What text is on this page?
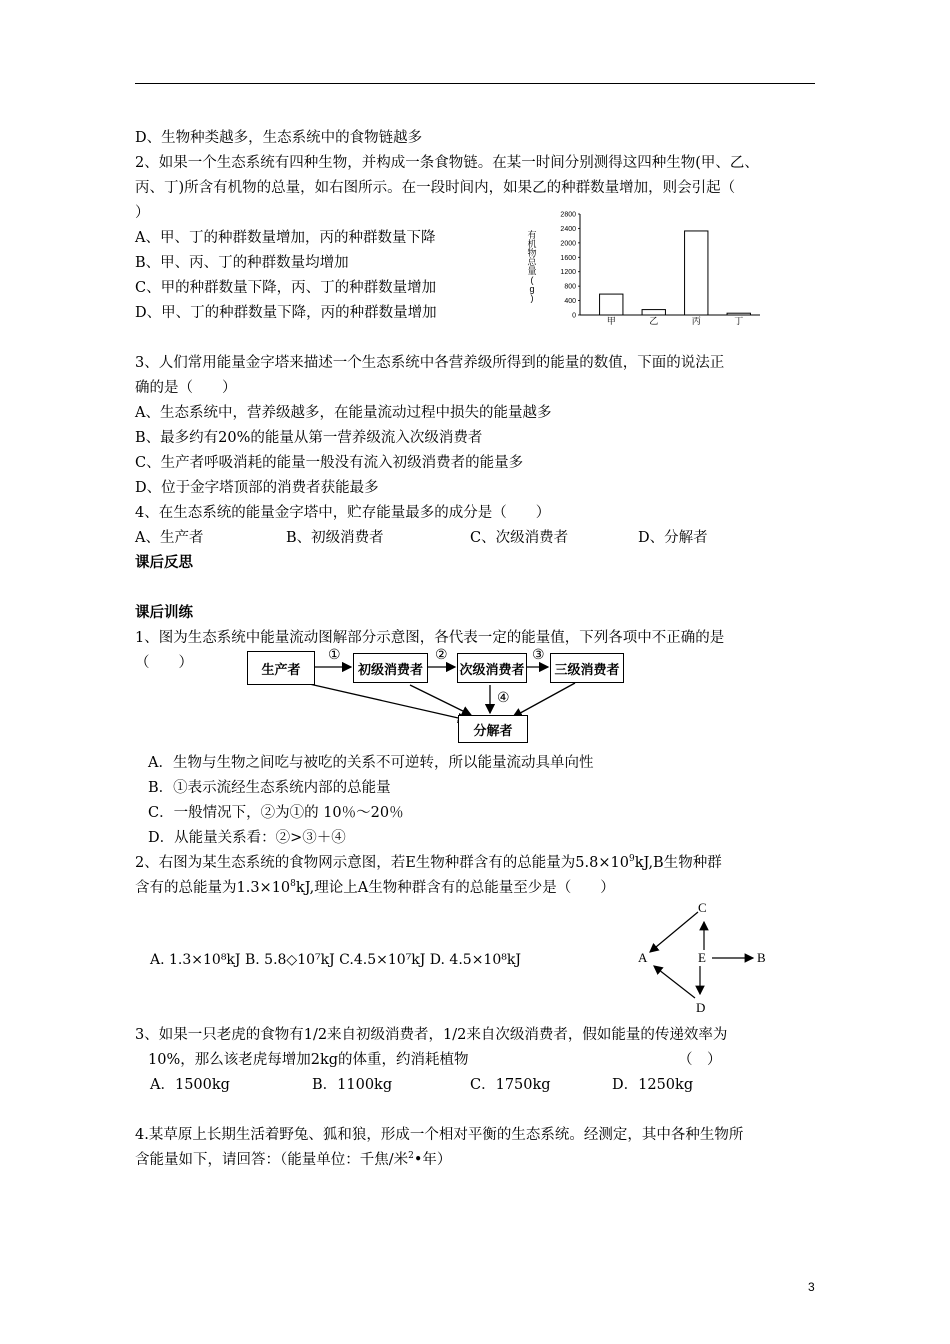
D、生物种类越多，生态系统中的食物链越多
2、如果一个生态系统有四种生物，并构成一条食物链。在某一时间分别测得这四种生物(甲、乙、
丙、丁)所含有机物的总量，如右图所示。在一段时间内，如果乙的种群数量增加，则会引起（
）
A、甲、丁的种群数量增加，丙的种群数量下降
B、甲、丙、丁的种群数量均增加
C、甲的种群数量下降，丙、丁的种群数量增加
D、甲、丁的种群数量下降，丙的种群数量增加
有
机
物
总
量
(
g
)
0
400
800
1200
1600
2000
2400
2800
甲	乙	丙	丁
3、人们常用能量金字塔来描述一个生态系统中各营养级所得到的能量的数值，下面的说法正
确的是（　　）
A、生态系统中，营养级越多，在能量流动过程中损失的能量越多
B、最多约有20%的能量从第一营养级流入次级消费者
C、生产者呼吸消耗的能量一般没有流入初级消费者的能量多
D、位于金字塔顶部的消费者获能最多
4、在生态系统的能量金字塔中，贮存能量最多的成分是（　　）
A、生产者	B、初级消费者	C、次级消费者	D、分解者
课后反思
课后训练
1、图为生态系统中能量流动图解部分示意图，各代表一定的能量值，下列各项中不正确的是
（　　）	生产者	初级消费者	次级消费者	三级消费者
分解者
①	②	③
④
A．生物与生物之间吃与被吃的关系不可逆转，所以能量流动具单向性
B．①表示流经生态系统内部的总能量
C．一般情况下，②为①的 10％～20％
D．从能量关系看：②>③＋④
2、右图为某生态系统的食物网示意图，若E生物种群含有的总能量为$5.8\times 10^9kJ,B$生物种群
含有的总能量为$1.3\times 10^8kJ$,理论上A生物种群含有的总能量至少是（　　）
A. 1.3×10⁸kJ B. 5.8◇10⁷kJ C.4.5×10⁷kJ D. 4.5×10⁸kJ
C
A	E	B
D
3、如果一只老虎的食物有1/2来自初级消费者，1/2来自次级消费者，假如能量的传递效率为
10%，那么该老虎每增加2kg的体重，约消耗植物	（　）
A．1500kg	B．1100kg	C．1750kg	D．1250kg
4.某草原上长期生活着野兔、狐和狼，形成一个相对平衡的生态系统。经测定，其中各种生物所
含能量如下，请回答：（能量单位：千焦/米$^2$•年）
3
